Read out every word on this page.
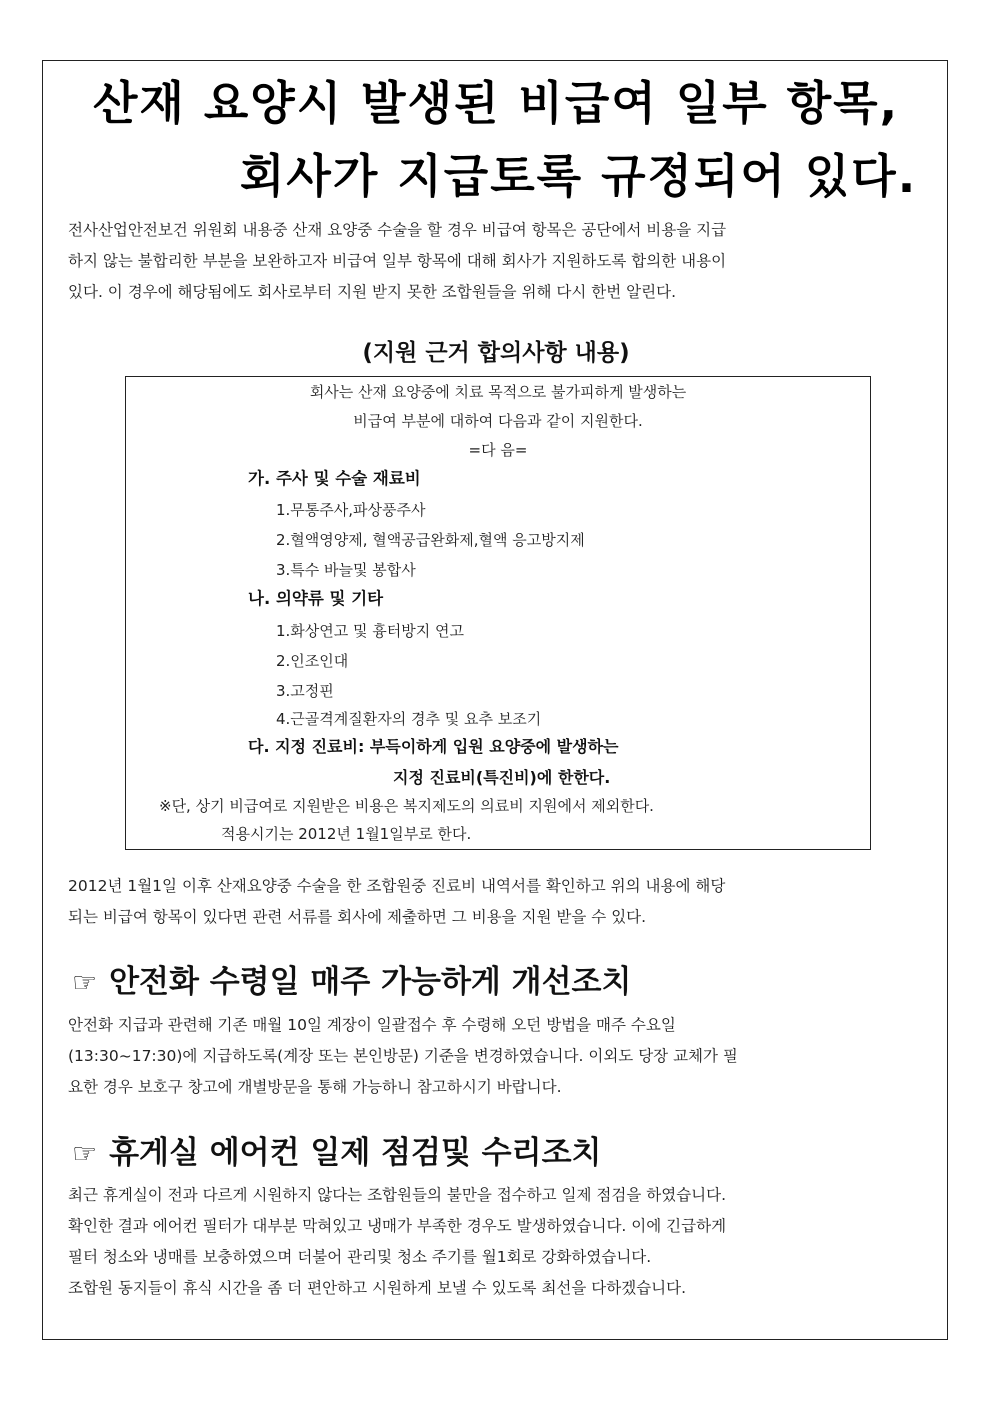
산재 요양시 발생된 비급여 일부 항목,
회사가 지급토록 규정되어 있다.

전사산업안전보건 위원회 내용중 산재 요양중 수술을 할 경우 비급여 항목은 공단에서 비용을 지급

하지 않는 불합리한 부분을 보완하고자 비급여 일부 항목에 대해 회사가 지원하도록 합의한 내용이

있다. 이 경우에 해당됨에도 회사로부터 지원 받지 못한 조합원들을 위해 다시 한번 알린다.

(지원 근거 합의사항 내용)
회사는 산재 요양중에 치료 목적으로 불가피하게 발생하는
비급여 부분에 대하여 다음과 같이 지원한다.
=다 음=
가. 주사 및 수술 재료비
1.무통주사,파상풍주사
2.혈액영양제, 혈액공급완화제,혈액 응고방지제
3.특수 바늘및 봉합사
나. 의약류 및 기타
1.화상연고 및 흉터방지 연고
2.인조인대
3.고정핀
4.근골격계질환자의 경추 및 요추 보조기
다. 지정 진료비: 부득이하게 입원 요양중에 발생하는
지정 진료비(특진비)에 한한다.
※단, 상기 비급여로 지원받은 비용은 복지제도의 의료비 지원에서 제외한다.
적용시기는 2012년 1월1일부로 한다.

2012년 1월1일 이후 산재요양중 수술을 한 조합원중 진료비 내역서를 확인하고 위의 내용에 해당

되는 비급여 항목이 있다면 관련 서류를 회사에 제출하면 그 비용을 지원 받을 수 있다.

☞ 안전화 수령일 매주 가능하게 개선조치

안전화 지급과 관련해 기존 매월 10일 계장이 일괄접수 후 수령해 오던 방법을 매주 수요일

(13:30~17:30)에 지급하도록(계장 또는 본인방문) 기준을 변경하였습니다. 이외도 당장 교체가 필

요한 경우 보호구 창고에 개별방문을 통해 가능하니 참고하시기 바랍니다.

☞ 휴게실 에어컨 일제 점검및 수리조치

최근 휴게실이 전과 다르게 시원하지 않다는 조합원들의 불만을 접수하고 일제 점검을 하였습니다.

확인한 결과 에어컨 필터가 대부분 막혀있고 냉매가 부족한 경우도 발생하였습니다. 이에 긴급하게

필터 청소와 냉매를 보충하였으며 더불어 관리및 청소 주기를 월1회로 강화하였습니다.

조합원 동지들이 휴식 시간을 좀 더 편안하고 시원하게 보낼 수 있도록 최선을 다하겠습니다.
